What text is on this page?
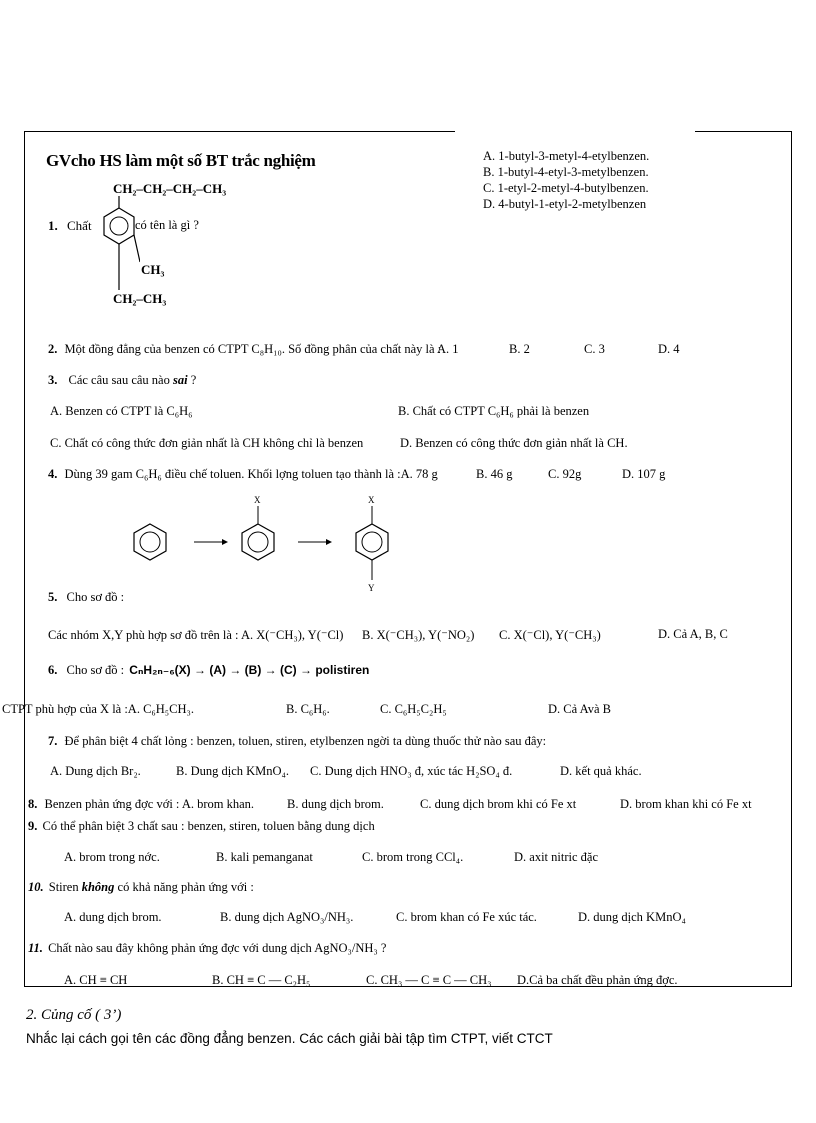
GVcho HS làm một số BT trắc nghiệm
1. Chất	có tên là gì ?
CH₂–CH₂–CH₂–CH₃
CH₃
CH₂–CH₃
A. 1-butyl-3-metyl-4-etylbenzen.
B. 1-butyl-4-etyl-3-metylbenzen.
C. 1-etyl-2-metyl-4-butylbenzen.
D. 4-butyl-1-etyl-2-metylbenzen
2. Một đồng đẳng của benzen có CTPT C₈H₁₀. Số đồng phân của chất này là :
A. 1	B. 2	C. 3	D. 4
3. Các câu sau câu nào sai ?
A. Benzen có CTPT là C₆H₆	B. Chất có CTPT C₆H₆ phải là benzen
C. Chất có công thức đơn giản nhất là CH không chỉ là benzen	D. Benzen có công thức đơn giản nhất là CH.
4. Dùng 39 gam C₆H₆ điều chế toluen. Khối lợng toluen tạo thành là :A. 78 g	B. 46 g	C. 92g	D. 107 g
X	X
Y
5. Cho sơ đồ :
Các nhóm X,Y phù hợp sơ đồ trên là : A. X(⁻CH₃), Y(⁻Cl) B. X(⁻CH₃), Y(⁻NO₂) C. X(⁻Cl), Y(⁻CH₃)	D. Cả A, B, C
6. Cho sơ đồ : CₙH₂ₙ₋₆(X) → (A) → (B) → (C) → polistiren
CTPT phù hợp của X là :A. C₆H₅CH₃.	B. C₆H₆.	C. C₆H₅C₂H₅	D. Cả Avà B
7. Để phân biệt 4 chất lỏng : benzen, toluen, stiren, etylbenzen ngời ta dùng thuốc thử nào sau đây:
A. Dung dịch Br₂.	B. Dung dịch KMnO₄. C. Dung dịch HNO₃ đ, xúc tác H₂SO₄ đ.	D. kết quả khác.
8. Benzen phản ứng đợc với : A. brom khan.	B. dung dịch brom.	C. dung dịch brom khi có Fe xt	D. brom khan khi có Fe xt
9. Có thể phân biệt 3 chất sau : benzen, stiren, toluen bằng dung dịch
A. brom trong nớc.	B. kali pemanganat	C. brom trong CCl₄.	D. axit nitric đặc
10. Stiren không có khả năng phản ứng với :
A. dung dịch brom.	B. dung dịch AgNO₃/NH₃.	C. brom khan có Fe xúc tác.	D. dung dịch KMnO₄
11. Chất nào sau đây không phản ứng đợc với dung dịch AgNO₃/NH₃ ?
A. CH ≡ CH	B. CH ≡ C — C₂H₅	C. CH₃ — C ≡ C — CH₃ D.Cả ba chất đều phản ứng đợc.
2. Củng cố ( 3’)
Nhắc lại cách gọi tên các đồng đẳng benzen. Các cách giải bài tập tìm CTPT, viết CTCT
